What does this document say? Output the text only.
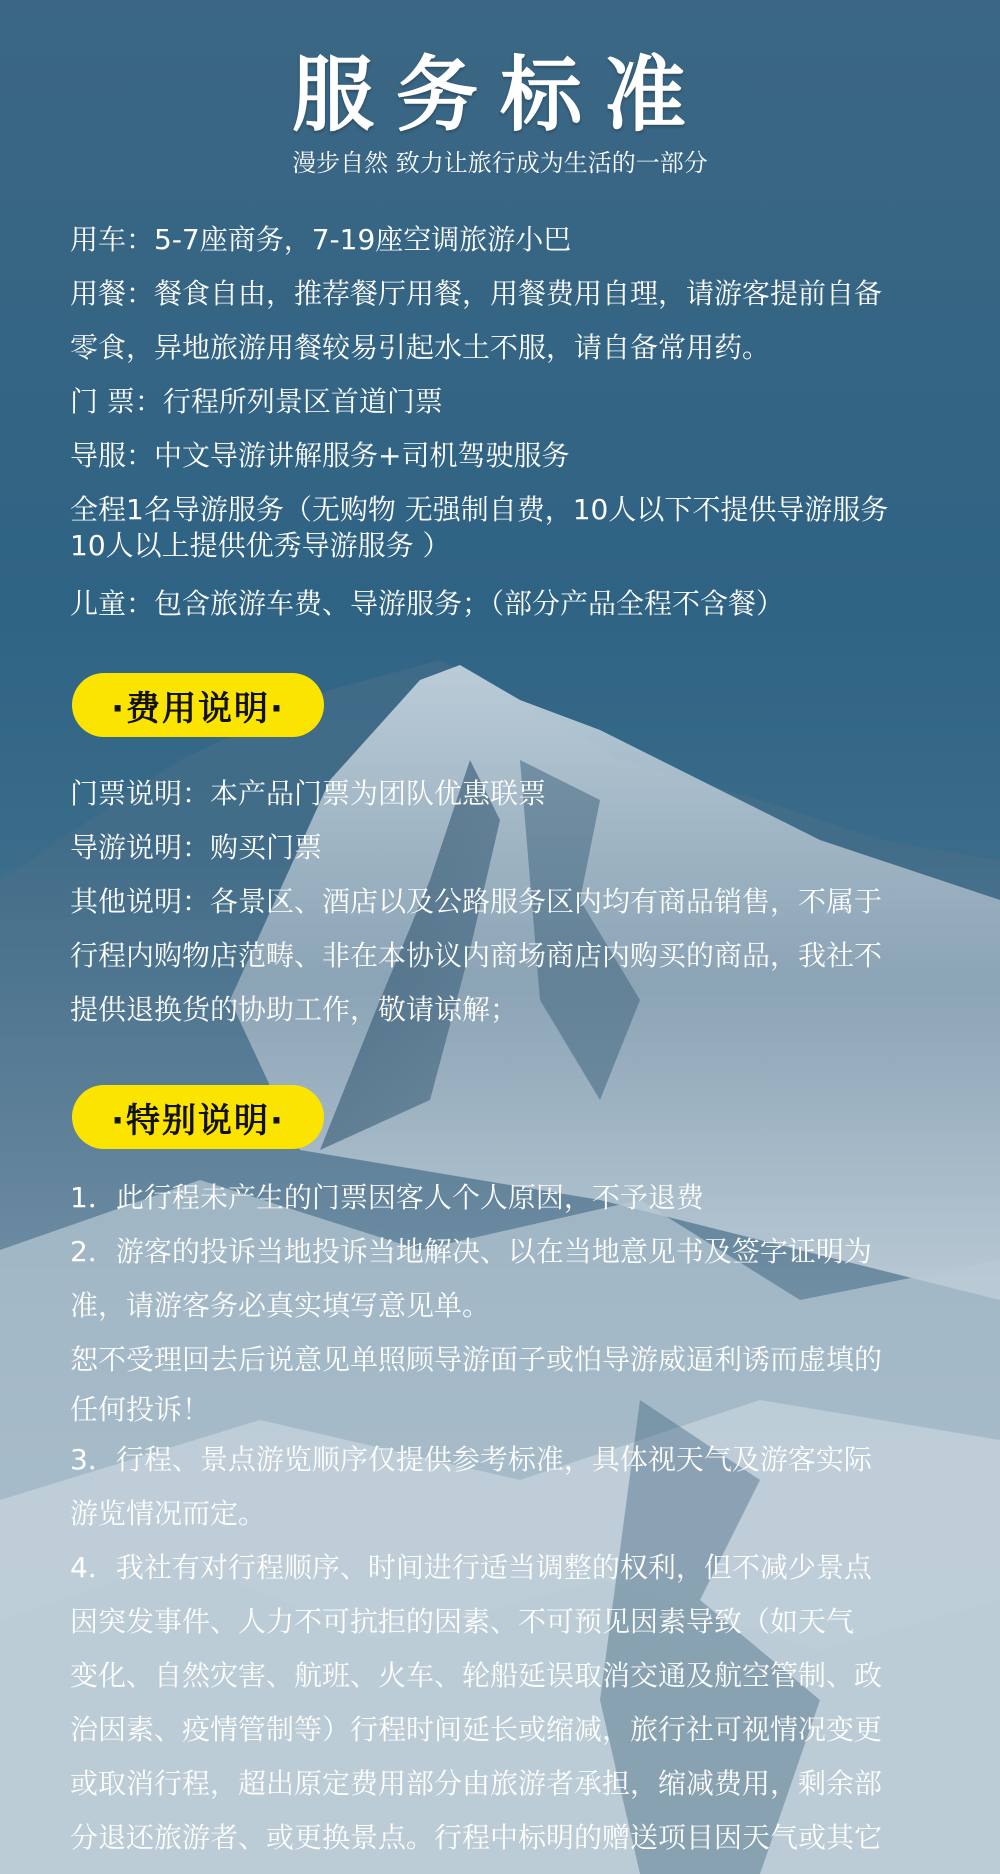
服务标准

漫步自然 致力让旅行成为生活的一部分

用车：5-7座商务，7-19座空调旅游小巴

用餐：餐食自由，推荐餐厅用餐，用餐费用自理，请游客提前自备

零食，异地旅游用餐较易引起水土不服，请自备常用药。

门 票：行程所列景区首道门票

导服：中文导游讲解服务+司机驾驶服务

全程1名导游服务（无购物 无强制自费，10人以下不提供导游服务

10人以上提供优秀导游服务 ）

儿童：包含旅游车费、导游服务；（部分产品全程不含餐）

·费用说明·

门票说明：本产品门票为团队优惠联票

导游说明：购买门票

其他说明：各景区、酒店以及公路服务区内均有商品销售，不属于

行程内购物店范畴、非在本协议内商场商店内购买的商品，我社不

提供退换货的协助工作，敬请谅解；

·特别说明·

1．此行程未产生的门票因客人个人原因，不予退费

2．游客的投诉当地投诉当地解决、以在当地意见书及签字证明为

准，请游客务必真实填写意见单。

恕不受理回去后说意见单照顾导游面子或怕导游威逼利诱而虚填的

任何投诉！

3．行程、景点游览顺序仅提供参考标准，具体视天气及游客实际

游览情况而定。

4．我社有对行程顺序、时间进行适当调整的权利，但不减少景点

因突发事件、人力不可抗拒的因素、不可预见因素导致（如天气

变化、自然灾害、航班、火车、轮船延误取消交通及航空管制、政

治因素、疫情管制等）行程时间延长或缩减，旅行社可视情况变更

或取消行程，超出原定费用部分由旅游者承担，缩减费用，剩余部

分退还旅游者、或更换景点。行程中标明的赠送项目因天气或其它
